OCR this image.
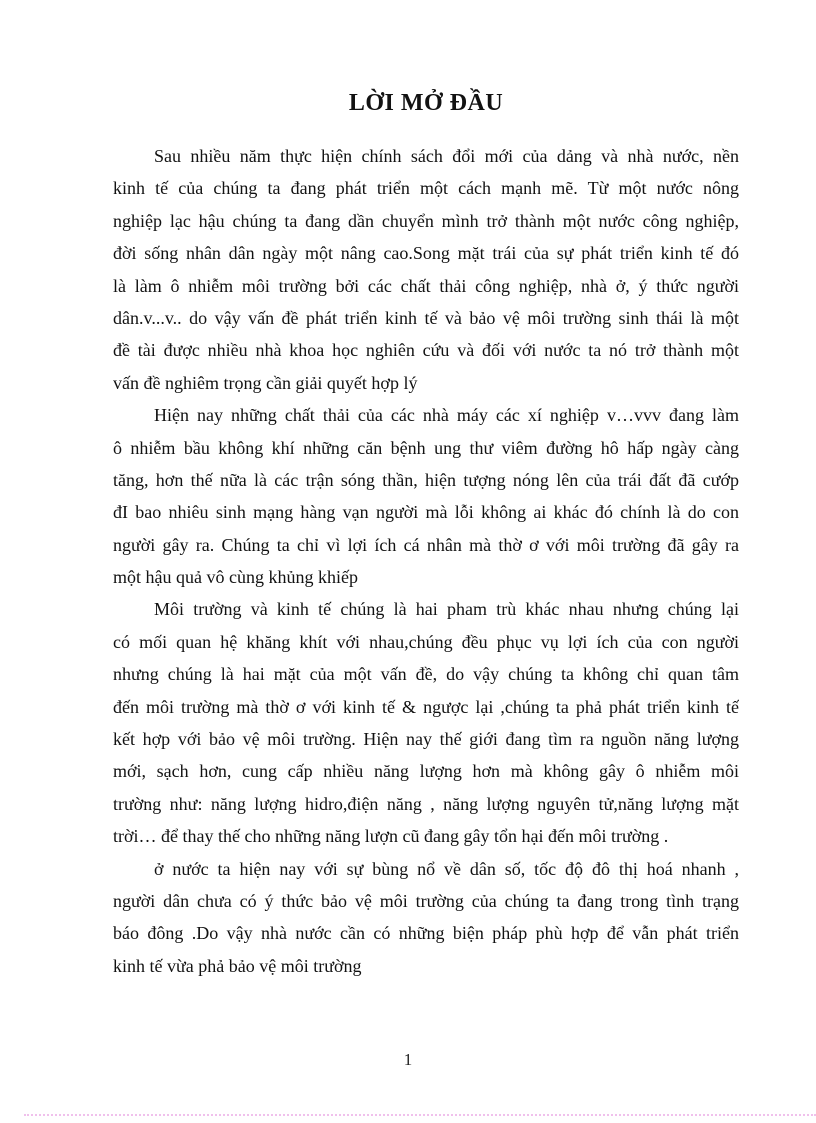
LỜI MỞ ĐẦU
Sau nhiều năm thực hiện chính sách đổi mới của dảng và nhà nước, nền
kinh tế của chúng ta đang phát triển một cách mạnh mẽ. Từ một nước nông
nghiệp lạc hậu chúng ta đang dần chuyển mình trở thành một nước công nghiệp,
đời sống nhân dân ngày một nâng cao.Song mặt trái của sự phát triển kinh tế đó
là làm ô nhiễm môi trường bởi các chất thải công nghiệp, nhà ở, ý thức người
dân.v...v.. do vậy vấn đề phát triển kinh tế và bảo vệ môi trường sinh thái là một
đề tài được nhiều nhà khoa học nghiên cứu và đối với nước ta nó trở thành một
vấn đề nghiêm trọng cần giải quyết hợp lý
Hiện nay những chất thải của các nhà máy các xí nghiệp v…vvv đang làm
ô nhiễm bầu không khí những căn bệnh ung thư viêm đường hô hấp ngày càng
tăng, hơn thế nữa là các trận sóng thần, hiện tượng nóng lên của trái đất đã cướp
đI bao nhiêu sinh mạng hàng vạn người mà lỗi không ai khác đó chính là do con
người gây ra. Chúng ta chỉ vì lợi ích cá nhân mà thờ ơ với môi trường đã gây ra
một hậu quả vô cùng khủng khiếp
Môi trường và kinh tế chúng là hai pham trù khác nhau nhưng chúng lại
có mối quan hệ khăng khít với nhau,chúng đều phục vụ lợi ích của con người
nhưng chúng là hai mặt của một vấn đề, do vậy chúng ta không chỉ quan tâm
đến môi trường mà thờ ơ với kinh tế & ngược lại ,chúng ta phả phát triển kinh tế
kết hợp với bảo vệ môi trường. Hiện nay thế giới đang tìm ra nguồn năng lượng
mới, sạch hơn, cung cấp nhiều năng lượng hơn mà không gây ô nhiễm môi
trường như: năng lượng hidro,điện năng , năng lượng nguyên tử,năng lượng mặt
trời… để thay thế cho những năng lượn cũ đang gây tổn hại đến môi trường .
ở nước ta hiện nay với sự bùng nổ về dân số, tốc độ đô thị hoá nhanh ,
người dân chưa có ý thức bảo vệ môi trường của chúng ta đang trong tình trạng
báo đông .Do vậy nhà nước cần có những biện pháp phù hợp để vẫn phát triển
kinh tế vừa phả bảo vệ môi trường
1
